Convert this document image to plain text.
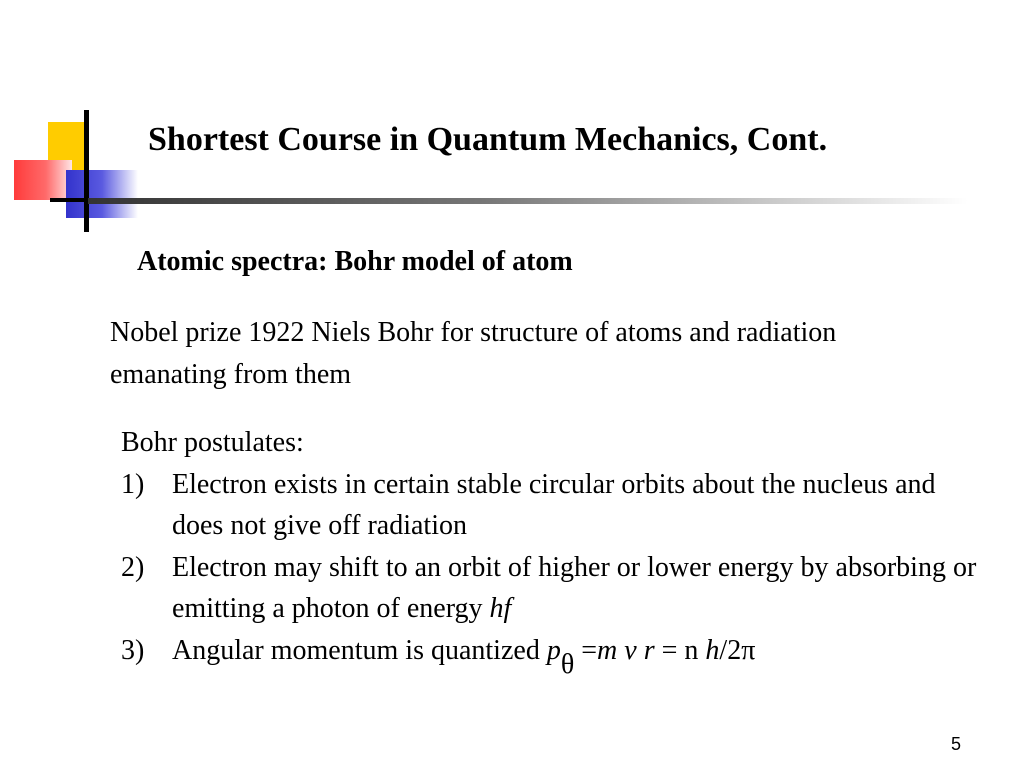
Shortest Course in Quantum Mechanics, Cont.
Atomic spectra: Bohr model of atom
Nobel prize 1922 Niels Bohr for structure of atoms and radiation emanating from them
Bohr postulates:
1) Electron exists in certain stable circular orbits about the nucleus and does not give off radiation
2) Electron may shift to an orbit of higher or lower energy by absorbing or emitting a photon of energy hf
3) Angular momentum is quantized pθ =m v r = n h/2π
5
